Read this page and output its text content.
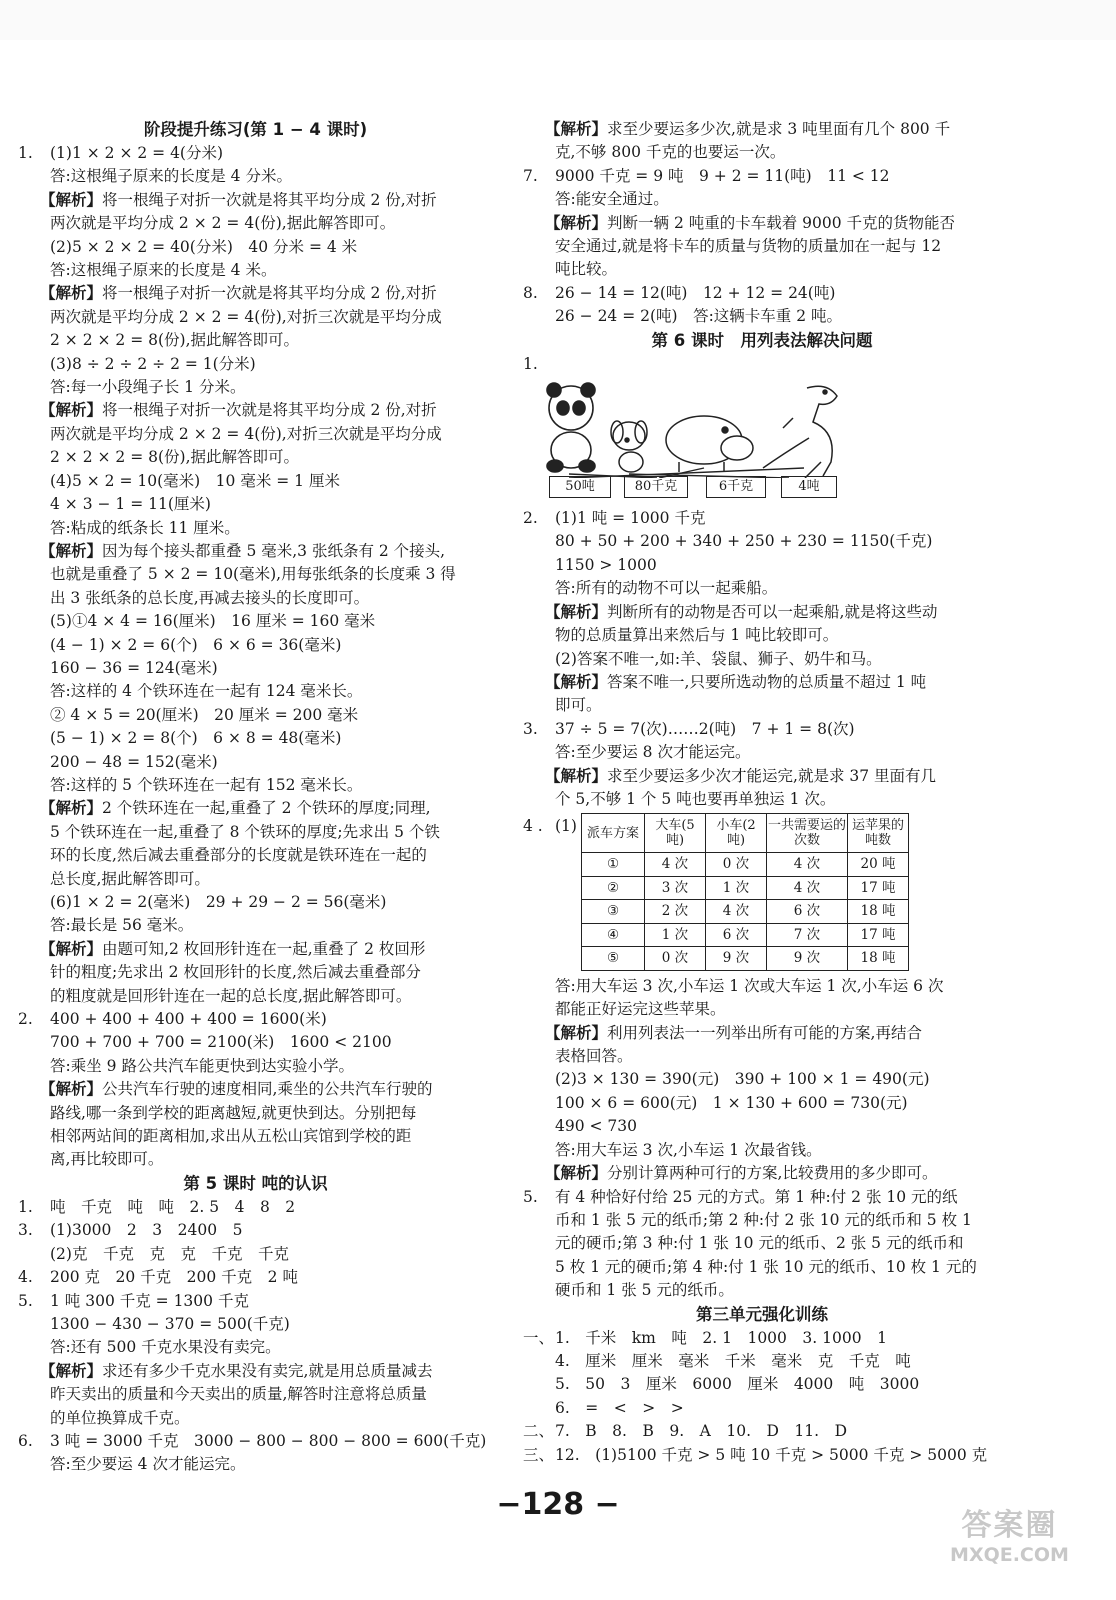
阶段提升练习(第 1 − 4 课时)
1. (1)1 × 2 × 2 = 4(分米)
答:这根绳子原来的长度是 4 分米。
【解析】将一根绳子对折一次就是将其平均分成 2 份,对折
两次就是平均分成 2 × 2 = 4(份),据此解答即可。
(2)5 × 2 × 2 = 40(分米)　40 分米 = 4 米
答:这根绳子原来的长度是 4 米。
【解析】将一根绳子对折一次就是将其平均分成 2 份,对折
两次就是平均分成 2 × 2 = 4(份),对折三次就是平均分成
2 × 2 × 2 = 8(份),据此解答即可。
(3)8 ÷ 2 ÷ 2 ÷ 2 = 1(分米)
答:每一小段绳子长 1 分米。
【解析】将一根绳子对折一次就是将其平均分成 2 份,对折
两次就是平均分成 2 × 2 = 4(份),对折三次就是平均分成
2 × 2 × 2 = 8(份),据此解答即可。
(4)5 × 2 = 10(毫米)　10 毫米 = 1 厘米
4 × 3 − 1 = 11(厘米)
答:粘成的纸条长 11 厘米。
【解析】因为每个接头都重叠 5 毫米,3 张纸条有 2 个接头,
也就是重叠了 5 × 2 = 10(毫米),用每张纸条的长度乘 3 得
出 3 张纸条的总长度,再减去接头的长度即可。
(5)①4 × 4 = 16(厘米)　16 厘米 = 160 毫米
(4 − 1) × 2 = 6(个)　6 × 6 = 36(毫米)
160 − 36 = 124(毫米)
答:这样的 4 个铁环连在一起有 124 毫米长。
② 4 × 5 = 20(厘米)　20 厘米 = 200 毫米
(5 − 1) × 2 = 8(个)　6 × 8 = 48(毫米)
200 − 48 = 152(毫米)
答:这样的 5 个铁环连在一起有 152 毫米长。
【解析】2 个铁环连在一起,重叠了 2 个铁环的厚度;同理,
5 个铁环连在一起,重叠了 8 个铁环的厚度;先求出 5 个铁
环的长度,然后减去重叠部分的长度就是铁环连在一起的
总长度,据此解答即可。
(6)1 × 2 = 2(毫米)　29 + 29 − 2 = 56(毫米)
答:最长是 56 毫米。
【解析】由题可知,2 枚回形针连在一起,重叠了 2 枚回形
针的粗度;先求出 2 枚回形针的长度,然后减去重叠部分
的粗度就是回形针连在一起的总长度,据此解答即可。
2. 400 + 400 + 400 + 400 = 1600(米)
700 + 700 + 700 = 2100(米)　1600 < 2100
答:乘坐 9 路公共汽车能更快到达实验小学。
【解析】公共汽车行驶的速度相同,乘坐的公共汽车行驶的
路线,哪一条到学校的距离越短,就更快到达。分别把每
相邻两站间的距离相加,求出从五松山宾馆到学校的距
离,再比较即可。
第 5 课时 吨的认识
1. 吨　千克　吨　吨　2. 5　4　8　2
3. (1)3000　2　3　2400　5
(2)克　千克　克　克　千克　千克
4. 200 克　20 千克　200 千克　2 吨
5. 1 吨 300 千克 = 1300 千克
1300 − 430 − 370 = 500(千克)
答:还有 500 千克水果没有卖完。
【解析】求还有多少千克水果没有卖完,就是用总质量减去
昨天卖出的质量和今天卖出的质量,解答时注意将总质量
的单位换算成千克。
6. 3 吨 = 3000 千克　3000 − 800 − 800 − 800 = 600(千克)
答:至少要运 4 次才能运完。
【解析】求至少要运多少次,就是求 3 吨里面有几个 800 千
克,不够 800 千克的也要运一次。
7. 9000 千克 = 9 吨　9 + 2 = 11(吨)　11 < 12
答:能安全通过。
【解析】判断一辆 2 吨重的卡车载着 9000 千克的货物能否
安全通过,就是将卡车的质量与货物的质量加在一起与 12
吨比较。
8. 26 − 14 = 12(吨)　12 + 12 = 24(吨)
26 − 24 = 2(吨)　答:这辆卡车重 2 吨。
第 6 课时　用列表法解决问题
1.
50吨	80千克	6千克	4吨
2. (1)1 吨 = 1000 千克
80 + 50 + 200 + 340 + 250 + 230 = 1150(千克)
1150 > 1000
答:所有的动物不可以一起乘船。
【解析】判断所有的动物是否可以一起乘船,就是将这些动
物的总质量算出来然后与 1 吨比较即可。
(2)答案不唯一,如:羊、袋鼠、狮子、奶牛和马。
【解析】答案不唯一,只要所选动物的总质量不超过 1 吨
即可。
3. 37 ÷ 5 = 7(次)……2(吨)　7 + 1 = 8(次)
答:至少要运 8 次才能运完。
【解析】求至少要运多少次才能运完,就是求 37 里面有几
个 5,不够 1 个 5 吨也要再单独运 1 次。
4 . (1) 派车方案	大车(5 吨)	小车(2 吨)	一共需要运的次数	运苹果的吨数
①	4 次	0 次	4 次	20 吨
②	3 次	1 次	4 次	17 吨
③	2 次	4 次	6 次	18 吨
④	1 次	6 次	7 次	17 吨
⑤	0 次	9 次	9 次	18 吨
答:用大车运 3 次,小车运 1 次或大车运 1 次,小车运 6 次
都能正好运完这些苹果。
【解析】利用列表法一一列举出所有可能的方案,再结合
表格回答。
(2)3 × 130 = 390(元)　390 + 100 × 1 = 490(元)
100 × 6 = 600(元)　1 × 130 + 600 = 730(元)
490 < 730
答:用大车运 3 次,小车运 1 次最省钱。
【解析】分别计算两种可行的方案,比较费用的多少即可。
5. 有 4 种恰好付给 25 元的方式。第 1 种:付 2 张 10 元的纸
币和 1 张 5 元的纸币;第 2 种:付 2 张 10 元的纸币和 5 枚 1
元的硬币;第 3 种:付 1 张 10 元的纸币、2 张 5 元的纸币和
5 枚 1 元的硬币;第 4 种:付 1 张 10 元的纸币、10 枚 1 元的
硬币和 1 张 5 元的纸币。
第三单元强化训练
一、1.　千米　km　吨　2. 1　1000　3. 1000　1
4.　厘米　厘米　毫米　千米　毫米　克　千克　吨
5.　50　3　厘米　6000　厘米　4000　吨　3000
6.　=　<　>　>
二、7.　B　8.　B　9.　A　10.　D　11.　D
三、12.　(1)5100 千克 > 5 吨 10 千克 > 5000 千克 > 5000 克
−128 −
答案圈
MXQE.COM
